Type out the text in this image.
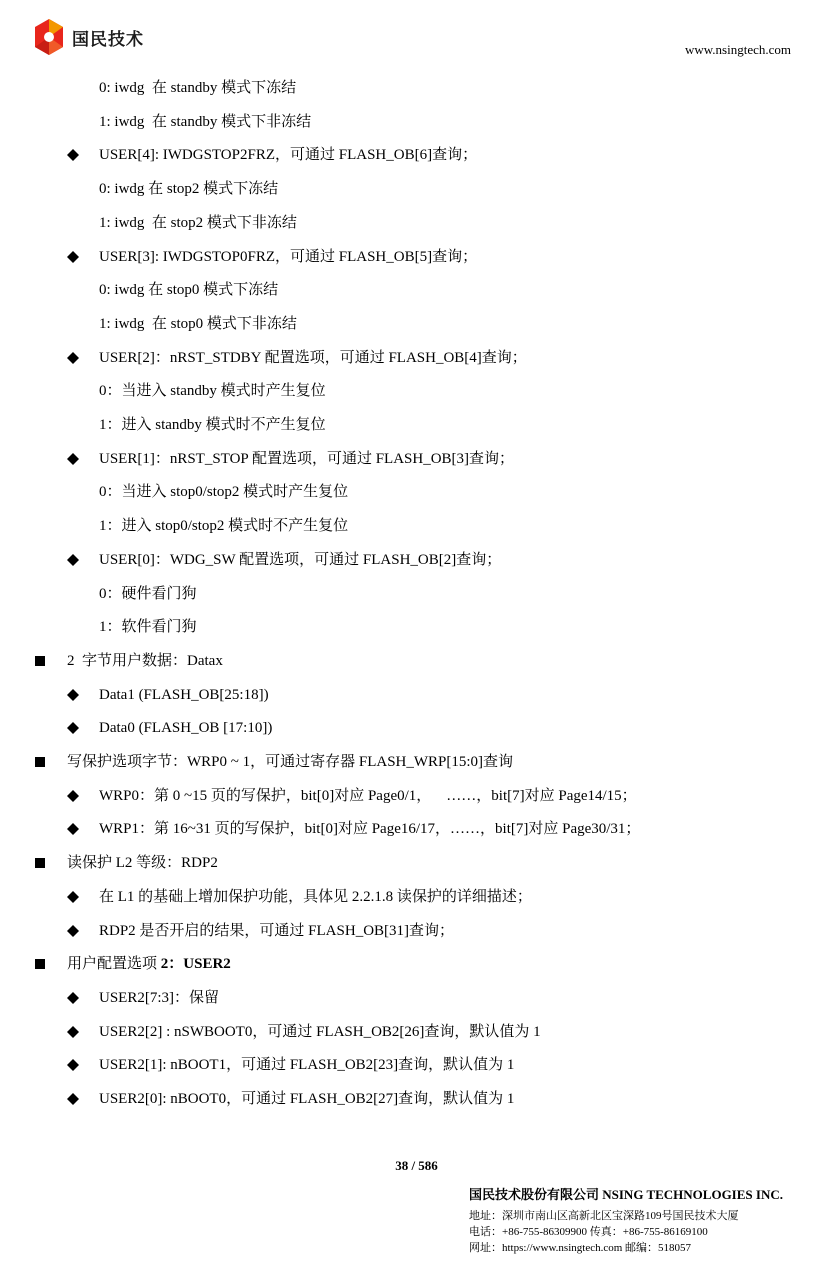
国民技术	www.nsingtech.com
0: iwdg  在 standby 模式下冻结
1: iwdg  在 standby 模式下非冻结
USER[4]: IWDGSTOP2FRZ，可通过 FLASH_OB[6]查询；
0: iwdg 在 stop2 模式下冻结
1: iwdg  在 stop2 模式下非冻结
USER[3]: IWDGSTOP0FRZ，可通过 FLASH_OB[5]查询；
0: iwdg 在 stop0 模式下冻结
1: iwdg  在 stop0 模式下非冻结
USER[2]：nRST_STDBY 配置选项，可通过 FLASH_OB[4]查询；
0：当进入 standby 模式时产生复位
1：进入 standby 模式时不产生复位
USER[1]：nRST_STOP 配置选项，可通过 FLASH_OB[3]查询；
0：当进入 stop0/stop2 模式时产生复位
1：进入 stop0/stop2 模式时不产生复位
USER[0]：WDG_SW 配置选项，可通过 FLASH_OB[2]查询；
0：硬件看门狗
1：软件看门狗
2  字节用户数据：Datax
Data1 (FLASH_OB[25:18])
Data0 (FLASH_OB [17:10])
写保护选项字节：WRP0 ~ 1，可通过寄存器 FLASH_WRP[15:0]查询
WRP0：第 0 ~15 页的写保护，bit[0]对应 Page0/1，    ……，bit[7]对应 Page14/15；
WRP1：第 16~31 页的写保护，bit[0]对应 Page16/17，……，bit[7]对应 Page30/31；
读保护 L2 等级：RDP2
在 L1 的基础上增加保护功能，具体见 2.2.1.8 读保护的详细描述；
RDP2 是否开启的结果，可通过 FLASH_OB[31]查询；
用户配置选项 2：USER2
USER2[7:3]：保留
USER2[2] : nSWBOOT0，可通过 FLASH_OB2[26]查询，默认值为 1
USER2[1]: nBOOT1，可通过 FLASH_OB2[23]查询，默认值为 1
USER2[0]: nBOOT0，可通过 FLASH_OB2[27]查询，默认值为 1
38 / 586
国民技术股份有限公司 NSING TECHNOLOGIES INC.
地址：深圳市南山区高新北区宝深路109号国民技术大厦
电话：+86-755-86309900 传真：+86-755-86169100
网址：https://www.nsingtech.com 邮编：518057
